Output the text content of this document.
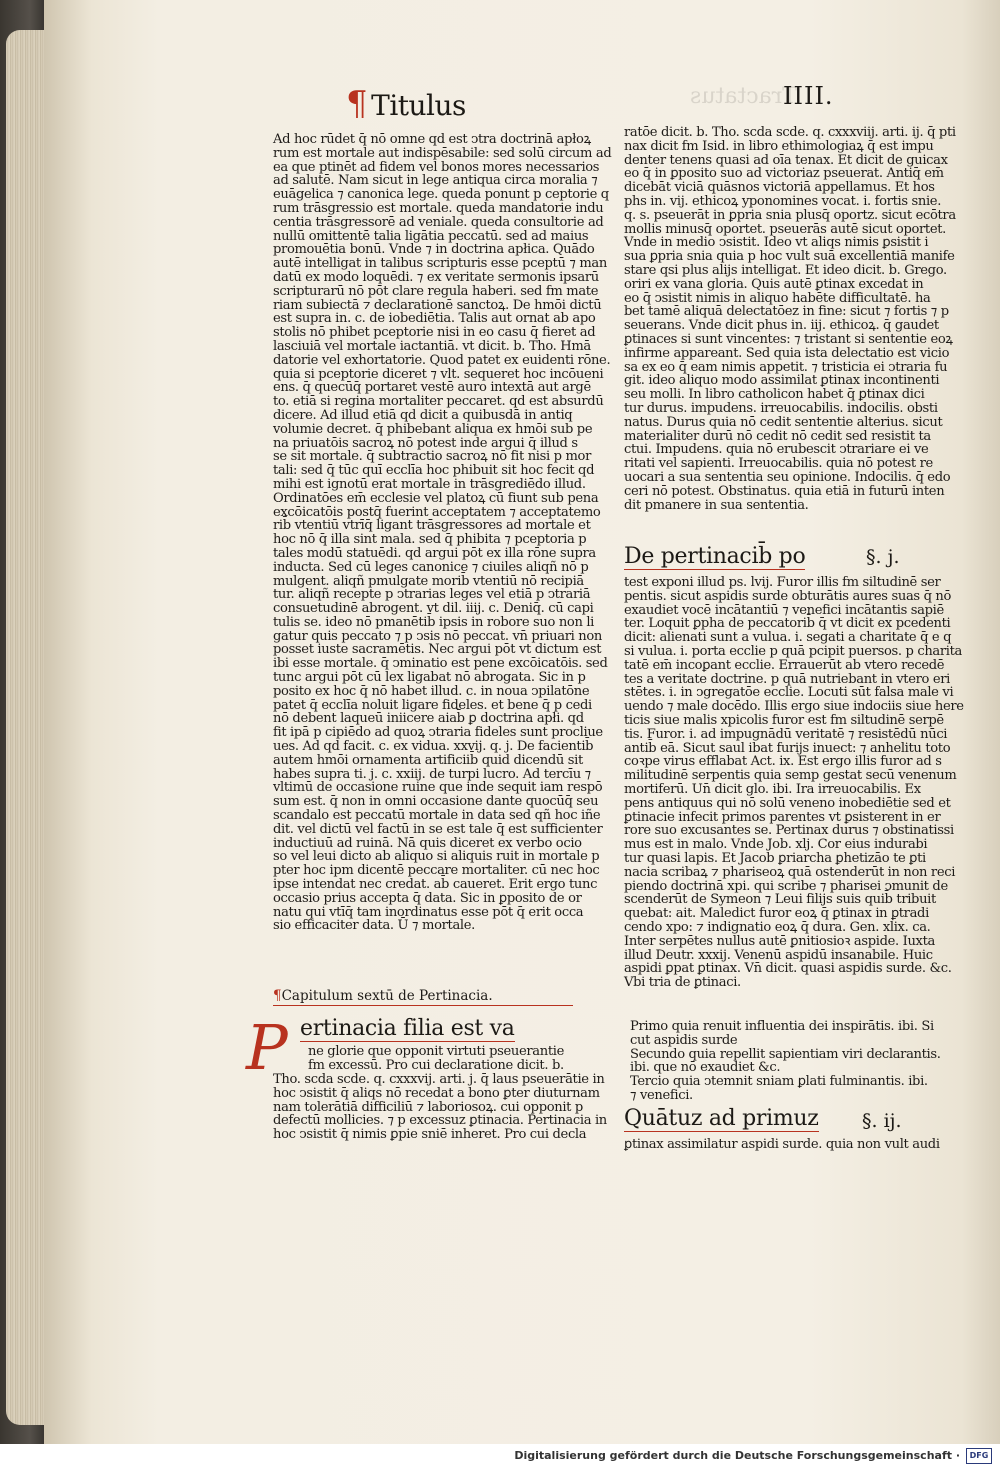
¶ Titulus	IIII.
Tractatus
Ad hoc rūdet q̄ nō omne qd est ↄtra doctrinā apłoꝝ
rum est mortale aut indispēsabile: sed solū circum ad
ea que ptinēt ad fidem vel bonos mores necessarios
ad salutē. Nam sicut in lege antiqua circa moralia ⁊
euāgelica ⁊ canonica lege. queda ponunt p ceptorie q
rum trāsgressio est mortale. queda mandatorie indu
centia trāsgressorē ad veniale. queda consultorie ad
nullū omittentē talia ligātia peccatū. sed ad maius
promouētia bonū. Vnde ⁊ in doctrina apłica. Quādo
autē intelligat in talibus scripturis esse pceptū ⁊ man
datū ex modo loquēdi. ⁊ ex veritate sermonis ipsarū
scripturarū nō pōt clare regula haberi. sed fm mate
riam subiectā ⁊ declarationē sanctoꝝ. De hmōi dictū
est supra in. c. de iobediētia. Talis aut ornat ab apo
stolis nō phibet pceptorie nisi in eo casu q̄ fieret ad
lasciuiā vel mortale iactantiā. vt dicit. b. Tho. Hmā
datorie vel exhortatorie. Quod patet ex euidenti rōne.
quia si pceptorie diceret ⁊ vlt. sequeret hoc incōueni
ens. q̄ quecūq̄ portaret vestē auro intextā aut argē
to. etiā si regina mortaliter peccaret. qd est absurdū
dicere. Ad illud etiā qd dicit a quibusdā in antiq
volumie decret. q̄ phibebant aliqua ex hmōi sub pe
na priuatōis sacroꝝ nō potest inde argui q̄ illud s
se sit mortale. q̄ subtractio sacroꝝ nō fit nisi p mor
tali: sed q̄ tūc quī ecclīa hoc phibuit sit hoc fecit qd
mihi est ignotū erat mortale in trāsgrediēdo illud.
Ordinatōes em̄ ecclesie vel platoꝝ cū fiunt sub pena
excōicatōis postq̄ fuerint acceptatem ⁊ acceptatemo
rib̄ vtentiū vtrīq̄ ligant trāsgressores ad mortale et
hoc nō q̄ illa sint mala. sed q̄ phibita ⁊ pceptoria p
tales modū statuēdi. qd argui pōt ex illa rōne supra
inducta. Sed cū leges canonice ⁊ ciuiles aliqñ nō p
mulgent. aliqñ pmulgate morib̄ vtentiū nō recipiā
tur. aliqñ recepte p ↄtrarias leges vel etiā p ↄtrariā
consuetudinē abrogent. vt dil. iiij. c. Deniq̄. cū capi
tulis se. ideo nō pmanētib̄ ipsis in robore suo non li
gatur quis peccato ⁊ p ↄsis nō peccat. vn̄ priuari non
posset iuste sacramētis. Nec argui pōt vt dictum est
ibi esse mortale. q̄ ↄminatio est pene excōicatōis. sed
tunc argui pōt cū lex ligabat nō abrogata. Sic in p
posito ex hoc q̄ nō habet illud. c. in noua ↄpilatōne
patet q̄ ecclīa noluit ligare fideles. et bene q̄ p cedi
nō debent laqueū iniicere aiab̄ ꝑ doctrina apłi. qd
fit ipā p cipiēdo ad quoꝝ ↄtraria fideles sunt procliue
ues. Ad qd facit. c. ex vidua. xxvij. q. j. De facientib̄
autem hmōi ornamenta artificiib̄ quid dicendū sit
habes supra ti. j. c. xxiij. de turpi lucro. Ad tercīu ⁊
vltimū de occasione ruine que inde sequit iam respō
sum est. q̄ non in omni occasione dante quocūq̄ seu
scandalo est peccatū mortale in data sed qñ hoc iñe
dit. vel dictū vel factū in se est tale q̄ est sufficienter
inductiuū ad ruinā. Nā quis diceret ex verbo ocio
so vel leui dicto ab aliquo si aliquis ruit in mortale p
pter hoc ipm dicentē peccare mortaliter. cū nec hoc
ipse intendat nec credat. ab̄ caueret. Erit ergo tunc
occasio prius accepta q̄ data. Sic in ꝑposito de or
natu qui vtīq̄ tam inordinatus esse pōt q̄ erit occa
sio efficaciter data. Ū ⁊ mortale.
¶Capitulum sextū de Pertinacia.
P ertinacia filia est va
ne glorie que opponit virtuti pseuerantie
fm excessū. Pro cui declaratione dicit. b.
Tho. scda scde. q. cxxxvij. arti. j. q̄ laus pseuerātie in
hoc ↄsistit q̄ aliqs nō recedat a bono ꝑter diuturnam
nam tolerātiā difficiliū ⁊ laboriosoꝝ. cui opponit p
defectū mollicies. ⁊ p excessuz ꝑtinacia. Pertinacia in
hoc ↄsistit q̄ nimis ꝑpie sniē inheret. Pro cui decla
ratōe dicit. b. Tho. scda scde. q. cxxxviij. arti. ij. q̄ pti
nax dicit fm Isid. in libro ethimologiaꝝ q̄ est impu
denter tenens quasi ad oīa tenax. Et dicit de guicax
eo q̄ in ꝑposito suo ad victoriaz pseuerat. Antiq̄ em̄
dicebāt viciā quāsnos victoriā appellamus. Et hos
phs in. vij. ethicoꝝ yponomines vocat. i. fortis snie.
q. s. pseuerāt in ꝑpria snia plusq̄ oportz. sicut ecōtra
mollis minusq̄ oportet. pseuerās autē sicut oportet.
Vnde in medio ↄsistit. Ideo vt aliqs nimis ꝑsistit i
sua ꝑpria snia quia p hoc vult suā excellentiā manife
stare qsi plus alijs intelligat. Et ideo dicit. b. Grego.
oriri ex vana gloria. Quis autē ꝑtinax excedat in
eo q̄ ↄsistit nimis in aliquo habēte difficultatē. ha
bet tamē aliquā delectatōez in fine: sicut ⁊ fortis ⁊ p
seuerans. Vnde dicit phus in. iij. ethicoꝝ. q̄ gaudet
ꝑtinaces si sunt vincentes: ⁊ tristant si sententie eoꝝ
infirme appareant. Sed quia ista delectatio est vicio
sa ex eo q̄ eam nimis appetit. ⁊ tristicia ei ↄtraria fu
git. ideo aliquo modo assimilat ꝑtinax incontinenti
seu molli. In libro catholicon habet q̄ ꝑtinax dici
tur durus. impudens. irreuocabilis. indocilis. obsti
natus. Durus quia nō cedit sententie alterius. sicut
materialiter durū nō cedit nō cedit sed resistit ta
ctui. Impudens. quia nō erubescit ↄtrariare ei ve
ritati vel sapienti. Irreuocabilis. quia nō potest re
uocari a sua sententia seu opinione. Indocilis. q̄ edo
ceri nō potest. Obstinatus. quia etiā in futurū inten
dit pmanere in sua sententia.
De pertinacib̄ po	§. j.
test exponi illud ps. lvij. Furor illis fm siltudinē ser
pentis. sicut aspidis surde obturātis aures suas q̄ nō
exaudiet vocē incātantiū ⁊ venefici incātantis sapiē
ter. Loquit ꝑpha de peccatorib̄ q̄ vt dicit ex pcedenti
dicit: alienati sunt a vulua. i. segati a charitate q̄ e q
si vulua. i. porta ecclie p quā pcipit puersos. p charita
tatē em̄ incoꝑant ecclie. Errauerūt ab vtero recedē
tes a veritate doctrine. p quā nutriebant in vtero eri
stētes. i. in ↄgregatōe ecclie. Locuti sūt falsa male vi
uendo ⁊ male docēdo. Illis ergo siue indociis siue here
ticis siue malis xpicolis furor est fm siltudinē serpē
tis. Furor. i. ad impugnādū veritatē ⁊ resistēdū nūci
antib̄ eā. Sicut saul ibat furijs inuect: ⁊ anhelitu toto
coꝛpe virus efflabat Act. ix. Est ergo illis furor ad s
militudinē serpentis quia semp gestat secū venenum
mortiferū. Un̄ dicit glo. ibi. Ira irreuocabilis. Ex
pens antiquus qui nō solū veneno inobediētie sed et
ꝑtinacie infecit primos parentes vt ꝑsisterent in er
rore suo excusantes se. Pertinax durus ⁊ obstinatissi
mus est in malo. Vnde Job. xlj. Cor eius indurabi
tur quasi lapis. Et Jacob ꝑriarcha ꝑhetizāo te ꝑti
nacia scribaꝝ ⁊ phariseoꝝ quā ostenderūt in non reci
piendo doctrinā xpi. qui scribe ⁊ pharisei ↄmunit de
scenderūt de Symeon ⁊ Leui filijs suis quib̄ tribuit
quebat: ait. Maledict furor eoꝝ q̄ ꝑtinax in ꝑtradi
cendo xpo: ⁊ indignatio eoꝝ q̄ dura. Gen. xlix. ca.
Inter serpētes nullus autē ꝑnitiosioꝛ aspide. Iuxta
illud Deutr. xxxij. Venenū aspidū insanabile. Huic
aspidi ꝑpat ꝑtinax. Vn̄ dicit. quasi aspidis surde. &c.
Vbi tria de ꝑtinaci.
Primo quia renuit influentia dei inspirātis. ibi. Si
cut aspidis surde
Secundo quia repellit sapientiam viri declarantis.
ibi. que nō exaudiet &c.
Tercio quia ↄtemnit sniam ꝑlati fulminantis. ibi.
⁊ venefici.
Quātuz ad primuz §. ij.
ꝑtinax assimilatur aspidi surde. quia non vult audi
Digitalisierung gefördert durch die Deutsche Forschungsgemeinschaft ·	DFG
